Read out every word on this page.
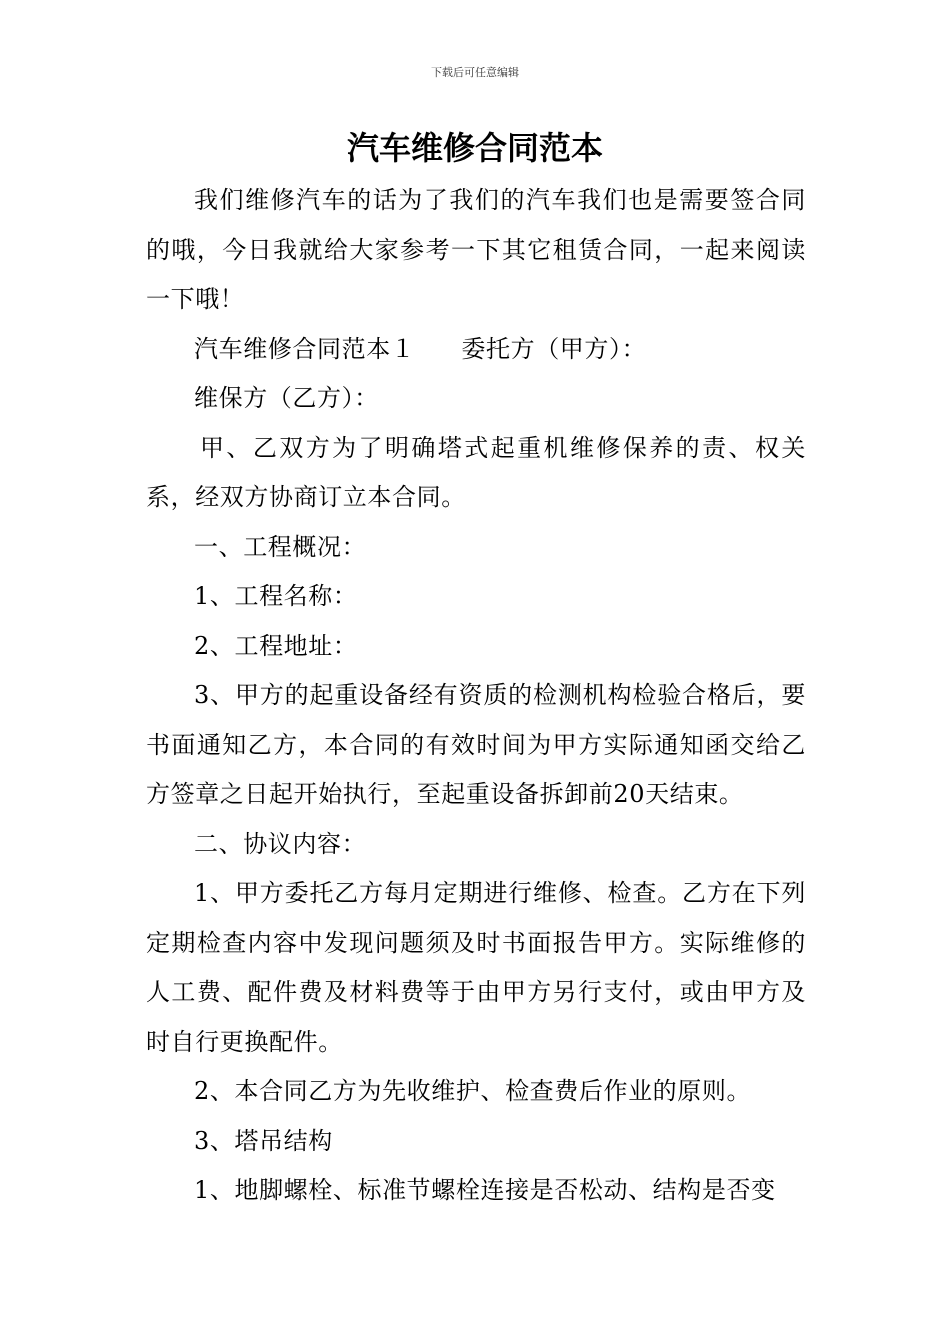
下载后可任意编辑
汽车维修合同范本

我们维修汽车的话为了我们的汽车我们也是需要签合同的哦，今日我就给大家参考一下其它租赁合同，一起来阅读一下哦！

汽车维修合同范本１ 委托方（甲方）：

维保方（乙方）：

甲、乙双方为了明确塔式起重机维修保养的责、权关系，经双方协商订立本合同。

一、工程概况：

1、工程名称：

2、工程地址：

3、甲方的起重设备经有资质的检测机构检验合格后，要书面通知乙方，本合同的有效时间为甲方实际通知函交给乙方签章之日起开始执行，至起重设备拆卸前20天结束。

二、协议内容：

1、甲方委托乙方每月定期进行维修、检查。乙方在下列定期检查内容中发现问题须及时书面报告甲方。实际维修的人工费、配件费及材料费等于由甲方另行支付，或由甲方及时自行更换配件。

2、本合同乙方为先收维护、检查费后作业的原则。

3、塔吊结构

1、地脚螺栓、标准节螺栓连接是否松动、结构是否变
